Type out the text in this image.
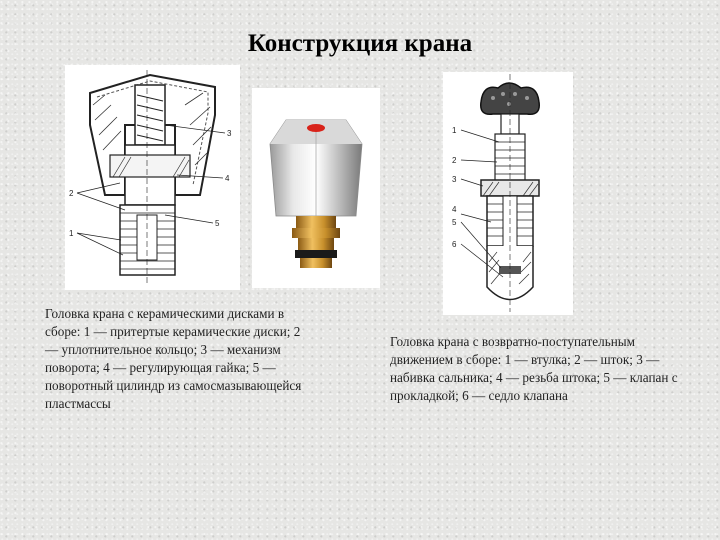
Конструкция крана
3
4
2
5
1
1
2
3
4
5
6
Головка крана с керамическими дисками в сборе: 1 — притертые керамические диски; 2 — уплотнительное кольцо; 3 — механизм поворота; 4 — регулирующая гайка; 5 — поворотный цилиндр из самосмазывающейся пластмассы
Головка крана с возвратно-поступательным движением в сборе: 1 — втулка; 2 — шток; 3 — набивка сальника; 4 — резьба штока; 5 — клапан с прокладкой; 6 — седло клапана
